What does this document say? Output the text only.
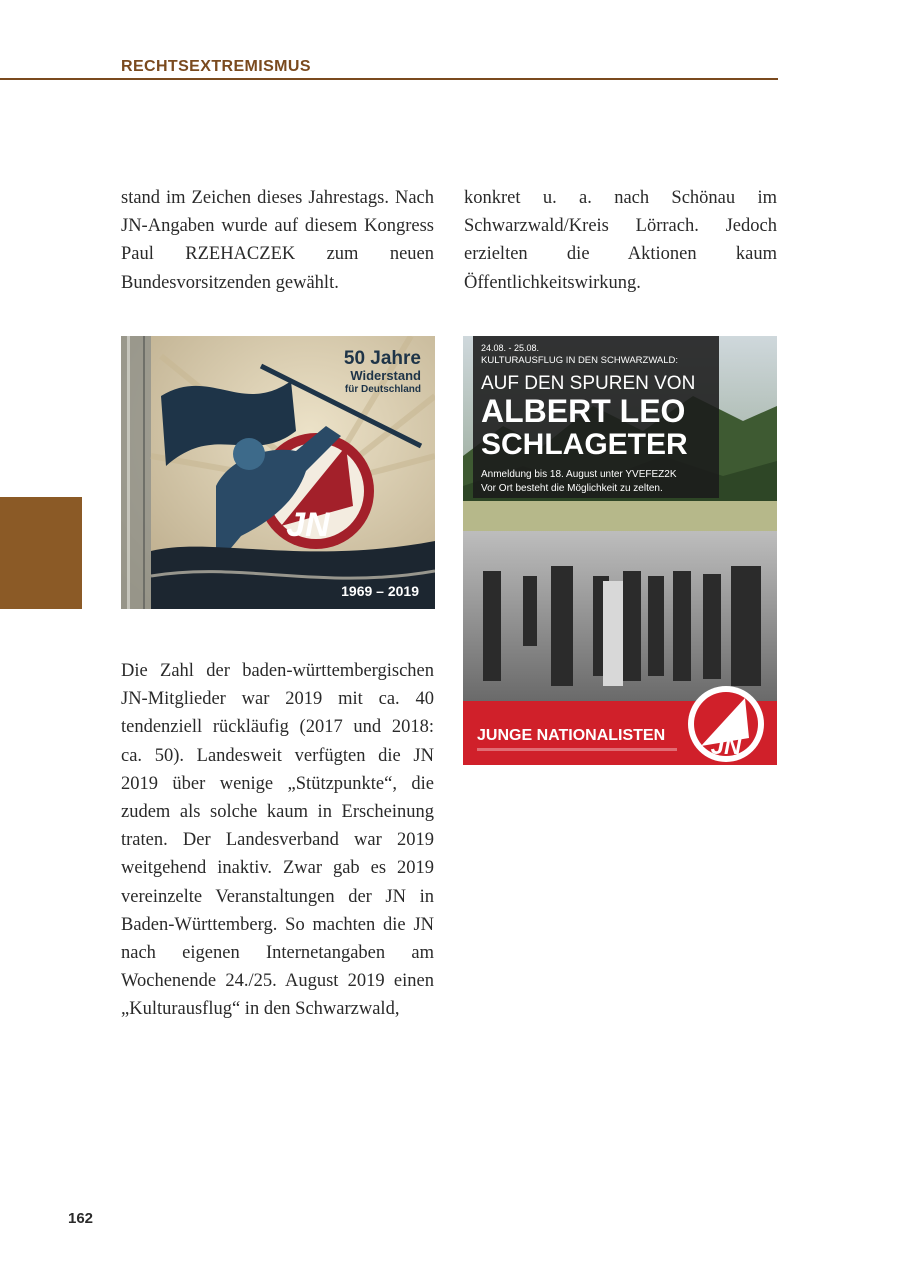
RECHTSEXTREMISMUS

stand im Zeichen dieses Jahrestags. Nach JN-Angaben wurde auf diesem Kongress Paul RZEHACZEK zum neuen Bundesvorsitzenden gewählt.

konkret u. a. nach Schönau im Schwarzwald/Kreis Lörrach. Jedoch erzielten die Aktionen kaum Öffentlichkeitswirkung.

Die Zahl der baden-württembergischen JN-Mitglieder war 2019 mit ca. 40 tendenziell rückläufig (2017 und 2018: ca. 50). Landesweit verfügten die JN 2019 über wenige „Stützpunkte“, die zudem als solche kaum in Erscheinung traten. Der Landesverband war 2019 weitgehend inaktiv. Zwar gab es 2019 vereinzelte Veranstaltungen der JN in Baden-Württemberg. So machten die JN nach eigenen Internetangaben am Wochenende 24./25. August 2019 einen „Kulturausflug“ in den Schwarzwald,

50 Jahre
Widerstand
für Deutschland
JN
1969 – 2019
24.08. - 25.08.
KULTURAUSFLUG IN DEN SCHWARZWALD:
AUF DEN SPUREN VON
ALBERT LEO
SCHLAGETER
Anmeldung bis 18. August unter YVEFEZ2K
Vor Ort besteht die Möglichkeit zu zelten.
JUNGE NATIONALISTEN JN
162
